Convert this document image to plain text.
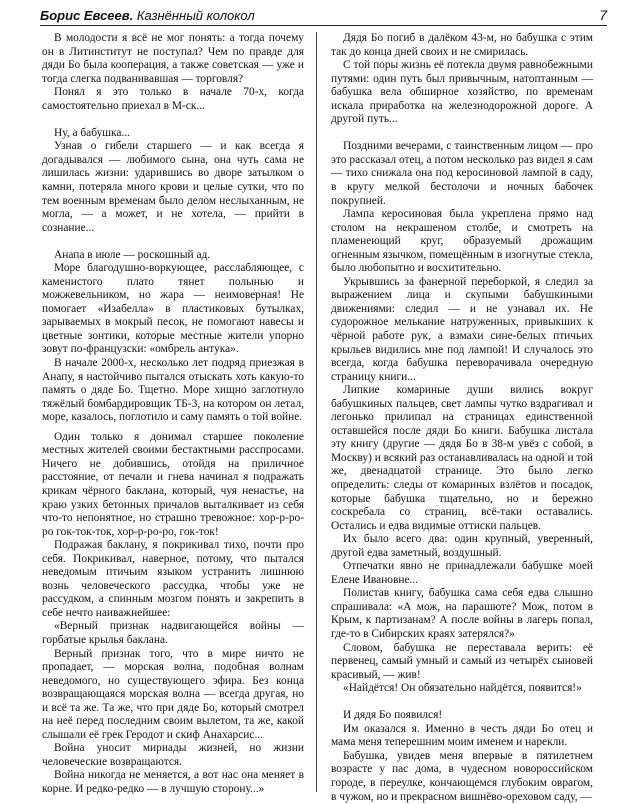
Борис Евсеев. Казнённый колокол	7

В молодости я всё не мог понять: а тогда почему он в Литинститут не поступал? Чем по правде для дяди Бо была кооперация, а также советская — уже и тогда слегка подванивавшая — торговля?

Понял я это только в начале 70-х, когда самостоятельно приехал в М-ск...

Ну, а бабушка...

Узнав о гибели старшего — и как всегда я догадывался — любимого сына, она чуть сама не лишилась жизни: ударившись во дворе затылком о камни, потеряла много крови и целые сутки, что по тем военным временам было делом неслыханным, не могла, — а может, и не хотела, — прийти в сознание...

Анапа в июле — роскошный ад.

Море благодушно-воркующее, расслабляющее, с каменистого плато тянет полынью и можжевельником, но жара — неимоверная! Не помогает «Изабелла» в пластиковых бутылках, зарываемых в мокрый песок, не помогают навесы и цветные зонтики, которые местные жители упорно зовут по-французски: «омбрель антука».

В начале 2000-х, несколько лет подряд приезжая в Анапу, я настойчиво пытался отыскать хоть какую-то память о дяде Бо. Тщетно. Море хищно заглотнуло тяжёлый бомбардировщик ТБ-3, на котором он летал, море, казалось, поглотило и саму память о той войне.

Один только я донимал старшее поколение местных жителей своими бестактными расспросами. Ничего не добившись, отойдя на приличное расстояние, от печали и гнева начинал я подражать крикам чёрного баклана, который, чуя ненастье, на краю узких бетонных причалов выталкивает из себя что-то непонятное, но страшно тревожное: хор-р-ро-ро гок-ток-ток, хор-р-ро-ро, гок-ток!

Подражая баклану, я покрикивал тихо, почти про себя. Покрикивал, наверное, потому, что пытался неведомым птичьим языком устранить лишнюю вознь человеческого рассудка, чтобы уже не рассудком, а спинным мозгом понять и закрепить в себе нечто наиважнейшее:

«Верный признак надвигающейся войны — горбатые крылья баклана.

Верный признак того, что в мире ничто не пропадает, — морская волна, подобная волнам неведомого, но существующего эфира. Без конца возвращающаяся морская волна — всегда другая, но и всё та же. Та же, что при дяде Бо, который смотрел на неё перед последним своим вылетом, та же, какой слышали её грек Геродот и скиф Анахарсис...

Война уносит мириады жизней, но жизни человеческие возвращаются.

Война никогда не меняется, а вот нас она меняет в корне. И редко-редко — в лучшую сторону...»

Дядя Бо погиб в далёком 43-м, но бабушка с этим так до конца дней своих и не смирилась.

С той поры жизнь её потекла двумя равнобежными путями: один путь был привычным, натоптанным — бабушка вела обширное хозяйство, по временам искала приработка на железнодорожной дороге. А другой путь...

Поздними вечерами, с таинственным лицом — про это рассказал отец, а потом несколько раз видел я сам — тихо снижала она под керосиновой лампой в саду, в кругу мелкой бестолочи и ночных бабочек покрупней.

Лампа керосиновая была укреплена прямо над столом на некрашеном столбе, и смотреть на пламенеющий круг, образуемый дрожащим огненным язычком, помещённым в изогнутые стекла, было любопытно и восхитительно.

Укрывшись за фанерной переборкой, я следил за выражением лица и скупыми бабушкиными движениями: следил — и не узнавал их. Не судорожное мелькание натруженных, привыкших к чёрной работе рук, а взмахи сине-белых птичьих крыльев видились мне под лампой! И случалось это всегда, когда бабушка переворачивала очередную страницу книги...

Липкие комариные души вились вокруг бабушкиных пальцев, свет лампы чутко вздрагивал и легонько прилипал на страницах единственной оставшейся после дяди Бо книги. Бабушка листала эту книгу (другие — дядя Бо в 38-м увёз с собой, в Москву) и всякий раз останавливалась на одной и той же, двенадцатой странице. Это было легко определить: следы от комариных взлётов и посадок, которые бабушка тщательно, но и бережно соскребала со страниц, всё-таки оставались. Остались и едва видимые оттиски пальцев.

Их было всего два: один крупный, уверенный, другой едва заметный, воздушный.

Отпечатки явно не принадлежали бабушке моей Елене Ивановне...

Полистав книгу, бабушка сама себя едва слышно спрашивала: «А мож, на парашюте? Мож, потом в Крым, к партизанам? А после войны в лагерь попал, где-то в Сибирских краях затерялся?»

Словом, бабушка не переставала верить: её первенец, самый умный и самый из четырёх сыновей красивый, — жив!

«Найдётся! Он обязательно найдётся, появится!»

И дядя Бо появился!

Им оказался я. Именно в честь дяди Бо отец и мама меня теперешним моим именем и нарекли.

Бабушка, увидев меня впервые в пятилетнем возрасте у пас дома, в чудесном новороссийском городе, в переулке, кончающемся глубоким оврагом, в чужом, но и прекрасном вишнёво-ореховом саду, —
